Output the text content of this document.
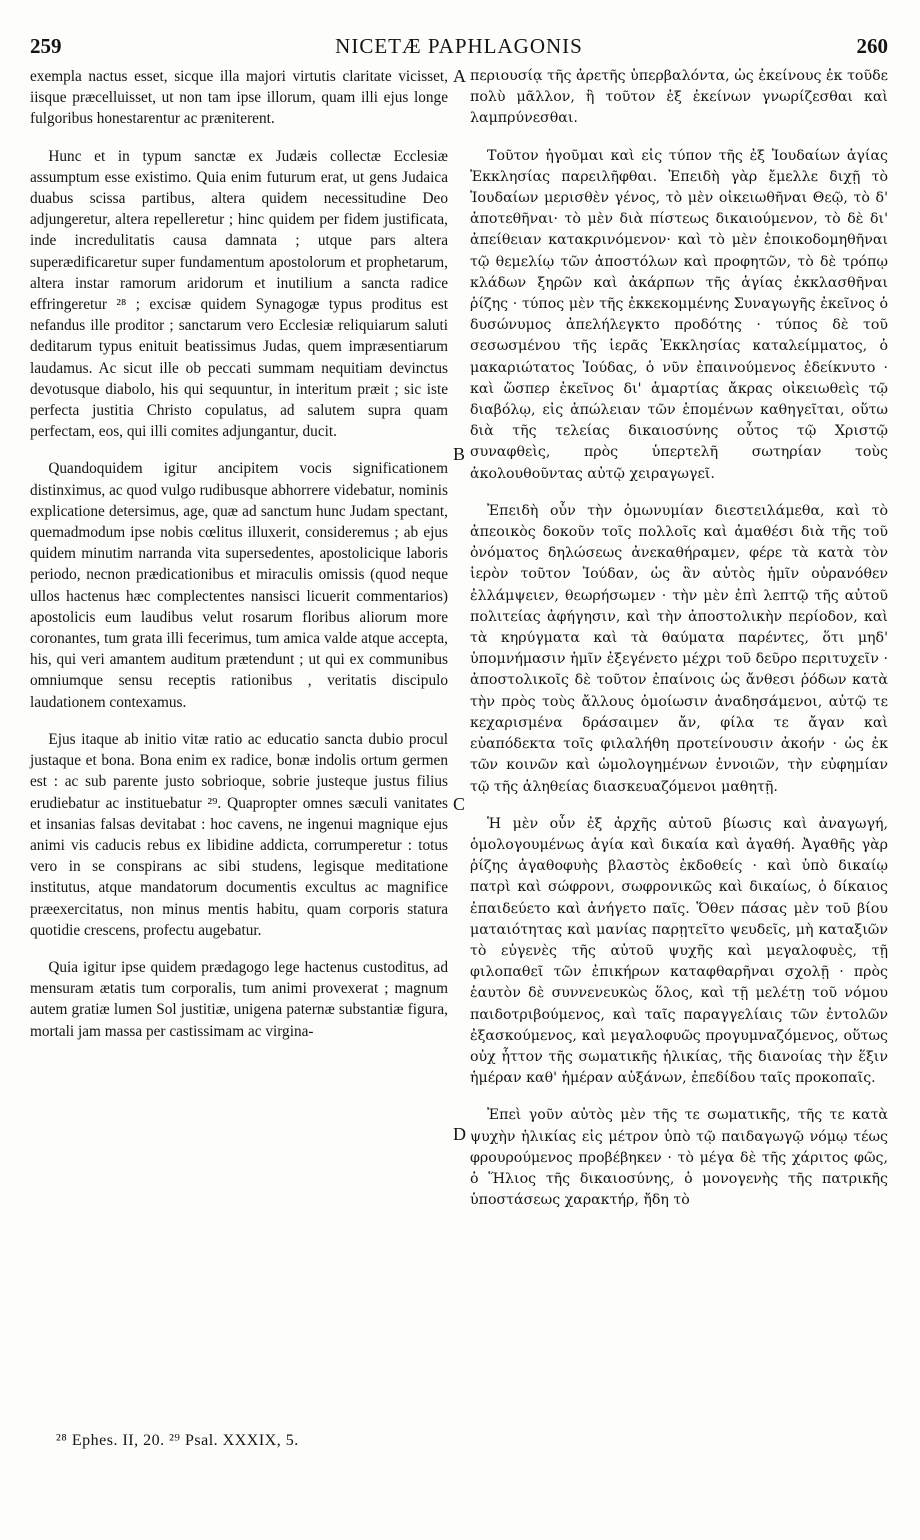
259	NICETÆ PAPHLAGONIS	260

exempla nactus esset, sicque illa majori virtutis claritate vicisset, iisque præcelluisset, ut non tam ipse illorum, quam illi ejus longe fulgoribus honestarentur ac præniterent.

Hunc et in typum sanctæ ex Judæis collectæ Ecclesiæ assumptum esse existimo. Quia enim futurum erat, ut gens Judaica duabus scissa partibus, altera quidem necessitudine Deo adjungeretur, altera repelleretur ; hinc quidem per fidem justificata, inde incredulitatis causa damnata ; utque pars altera superædificaretur super fundamentum apostolorum et prophetarum, altera instar ramorum aridorum et inutilium a sancta radice effringeretur ²⁸ ; excisæ quidem Synagogæ typus proditus est nefandus ille proditor ; sanctarum vero Ecclesiæ reliquiarum saluti deditarum typus enituit beatissimus Judas, quem impræsentiarum laudamus. Ac sicut ille ob peccati summam nequitiam devinctus devotusque diabolo, his qui sequuntur, in interitum præit ; sic iste perfecta justitia Christo copulatus, ad salutem supra quam perfectam, eos, qui illi comites adjungantur, ducit.

Quandoquidem igitur ancipitem vocis significationem distinximus, ac quod vulgo rudibusque abhorrere videbatur, nominis explicatione detersimus, age, quæ ad sanctum hunc Judam spectant, quemadmodum ipse nobis cœlitus illuxerit, consideremus ; ab ejus quidem minutim narranda vita supersedentes, apostolicique laboris periodo, necnon prædicationibus et miraculis omissis (quod neque ullos hactenus hæc complectentes nansisci licuerit commentarios) apostolicis eum laudibus velut rosarum floribus aliorum more coronantes, tum grata illi fecerimus, tum amica valde atque accepta, his, qui veri amantem auditum prætendunt ; ut qui ex communibus omniumque sensu receptis rationibus , veritatis discipulo laudationem contexamus.

Ejus itaque ab initio vitæ ratio ac educatio sancta dubio procul justaque et bona. Bona enim ex radice, bonæ indolis ortum germen est : ac sub parente justo sobrioque, sobrie justeque justus filius erudiebatur ac instituebatur ²⁹. Quapropter omnes sæculi vanitates et insanias falsas devitabat : hoc cavens, ne ingenui magnique ejus animi vis caducis rebus ex libidine addicta, corrumperetur : totus vero in se conspirans ac sibi studens, legisque meditatione institutus, atque mandatorum documentis excultus ac magnifice præexercitatus, non minus mentis habitu, quam corporis statura quotidie crescens, profectu augebatur.

Quia igitur ipse quidem prædagogo lege hactenus custoditus, ad mensuram ætatis tum corporalis, tum animi provexerat ; magnum autem gratiæ lumen Sol justitiæ, unigena paternæ substantiæ figura, mortali jam massa per castissimam ac virgina-

περιουσίᾳ τῆς ἀρετῆς ὑπερβαλόντα, ὡς ἐκείνους ἐκ τοῦδε πολὺ μᾶλλον, ἢ τοῦτον ἐξ ἐκείνων γνωρίζεσθαι καὶ λαμπρύνεσθαι.

Τοῦτον ἡγοῦμαι καὶ εἰς τύπον τῆς ἐξ Ἰουδαίων ἁγίας Ἐκκλησίας παρειλῆφθαι. Ἐπειδὴ γὰρ ἔμελλε διχῇ τὸ Ἰουδαίων μερισθὲν γένος, τὸ μὲν οἰκειωθῆναι Θεῷ, τὸ δ' ἀποτεθῆναι· τὸ μὲν διὰ πίστεως δικαιούμενον, τὸ δὲ δι' ἀπείθειαν κατακρινόμενον· καὶ τὸ μὲν ἐποικοδομηθῆναι τῷ θεμελίῳ τῶν ἀποστόλων καὶ προφητῶν, τὸ δὲ τρόπῳ κλάδων ξηρῶν καὶ ἀκάρπων τῆς ἁγίας ἐκκλασθῆναι ῥίζης · τύπος μὲν τῆς ἐκκεκομμένης Συναγωγῆς ἐκεῖνος ὁ δυσώνυμος ἀπελήλεγκτο προδότης · τύπος δὲ τοῦ σεσωσμένου τῆς ἱερᾶς Ἐκκλησίας καταλείμματος, ὁ μακαριώτατος Ἰούδας, ὁ νῦν ἐπαινούμενος ἐδείκνυτο · καὶ ὥσπερ ἐκεῖνος δι' ἁμαρτίας ἄκρας οἰκειωθεὶς τῷ διαβόλῳ, εἰς ἀπώλειαν τῶν ἑπομένων καθηγεῖται, οὕτω διὰ τῆς τελείας δικαιοσύνης οὗτος τῷ Χριστῷ συναφθεὶς, πρὸς ὑπερτελῆ σωτηρίαν τοὺς ἀκολουθοῦντας αὐτῷ χειραγωγεῖ.

Ἐπειδὴ οὖν τὴν ὁμωνυμίαν διεστειλάμεθα, καὶ τὸ ἀπεοικὸς δοκοῦν τοῖς πολλοῖς καὶ ἀμαθέσι διὰ τῆς τοῦ ὀνόματος δηλώσεως ἀνεκαθήραμεν, φέρε τὰ κατὰ τὸν ἱερὸν τοῦτον Ἰούδαν, ὡς ἂν αὐτὸς ἡμῖν οὐρανόθεν ἐλλάμψειεν, θεωρήσωμεν · τὴν μὲν ἐπὶ λεπτῷ τῆς αὐτοῦ πολιτείας ἀφήγησιν, καὶ τὴν ἀποστολικὴν περίοδον, καὶ τὰ κηρύγματα καὶ τὰ θαύματα παρέντες, ὅτι μηδ' ὑπομνήμασιν ἡμῖν ἐξεγένετο μέχρι τοῦ δεῦρο περιτυχεῖν · ἀποστολικοῖς δὲ τοῦτον ἐπαίνοις ὡς ἄνθεσι ῥόδων κατὰ τὴν πρὸς τοὺς ἄλλους ὁμοίωσιν ἀναδησάμενοι, αὐτῷ τε κεχαρισμένα δράσαιμεν ἄν, φίλα τε ἄγαν καὶ εὐαπόδεκτα τοῖς φιλαλήθη προτείνουσιν ἀκοήν · ὡς ἐκ τῶν κοινῶν καὶ ὡμολογημένων ἐννοιῶν, τὴν εὐφημίαν τῷ τῆς ἀληθείας διασκευαζόμενοι μαθητῇ.

Ἡ μὲν οὖν ἐξ ἀρχῆς αὐτοῦ βίωσις καὶ ἀναγωγή, ὁμολογουμένως ἁγία καὶ δικαία καὶ ἀγαθή. Ἀγαθῆς γὰρ ῥίζης ἀγαθοφυὴς βλαστὸς ἐκδοθείς · καὶ ὑπὸ δικαίῳ πατρὶ καὶ σώφρονι, σωφρονικῶς καὶ δικαίως, ὁ δίκαιος ἐπαιδεύετο καὶ ἀνήγετο παῖς. Ὅθεν πάσας μὲν τοῦ βίου ματαιότητας καὶ μανίας παρῃτεῖτο ψευδεῖς, μὴ καταξιῶν τὸ εὐγενὲς τῆς αὐτοῦ ψυχῆς καὶ μεγαλοφυὲς, τῇ φιλοπαθεῖ τῶν ἐπικήρων καταφθαρῆναι σχολῇ · πρὸς ἑαυτὸν δὲ συννενευκὼς ὅλος, καὶ τῇ μελέτῃ τοῦ νόμου παιδοτριβούμενος, καὶ ταῖς παραγγελίαις τῶν ἐντολῶν ἐξασκούμενος, καὶ μεγαλοφυῶς προγυμναζόμενος, οὕτως οὐχ ἧττον τῆς σωματικῆς ἡλικίας, τῆς διανοίας τὴν ἕξιν ἡμέραν καθ' ἡμέραν αὐξάνων, ἐπεδίδου ταῖς προκοπαῖς.

Ἐπεὶ γοῦν αὐτὸς μὲν τῆς τε σωματικῆς, τῆς τε κατὰ ψυχὴν ἡλικίας εἰς μέτρον ὑπὸ τῷ παιδαγωγῷ νόμῳ τέως φρουρούμενος προβέβηκεν · τὸ μέγα δὲ τῆς χάριτος φῶς, ὁ Ἥλιος τῆς δικαιοσύνης, ὁ μονογενὴς τῆς πατρικῆς ὑποστάσεως χαρακτήρ, ἤδη τὸ

A
B
C
D
²⁸ Ephes. II, 20. ²⁹ Psal. XXXIX, 5.
